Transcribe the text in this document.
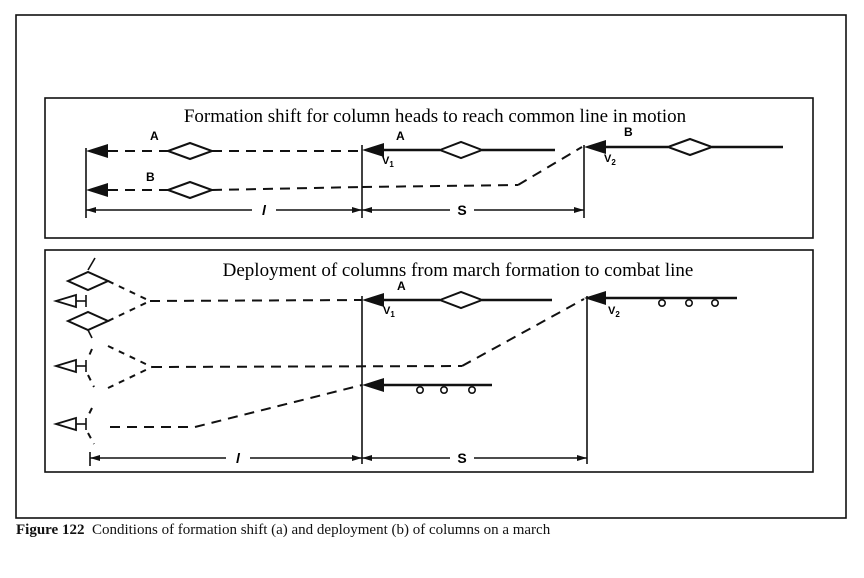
Formation shift for column heads to reach common line in motion
A
B
A
$V_1$
B
$V_2$
l	S
Deployment of columns from march formation to combat line
A
$V_1$	$V_2$
l	S
Figure 122 Conditions of formation shift (a) and deployment (b) of columns on a march
